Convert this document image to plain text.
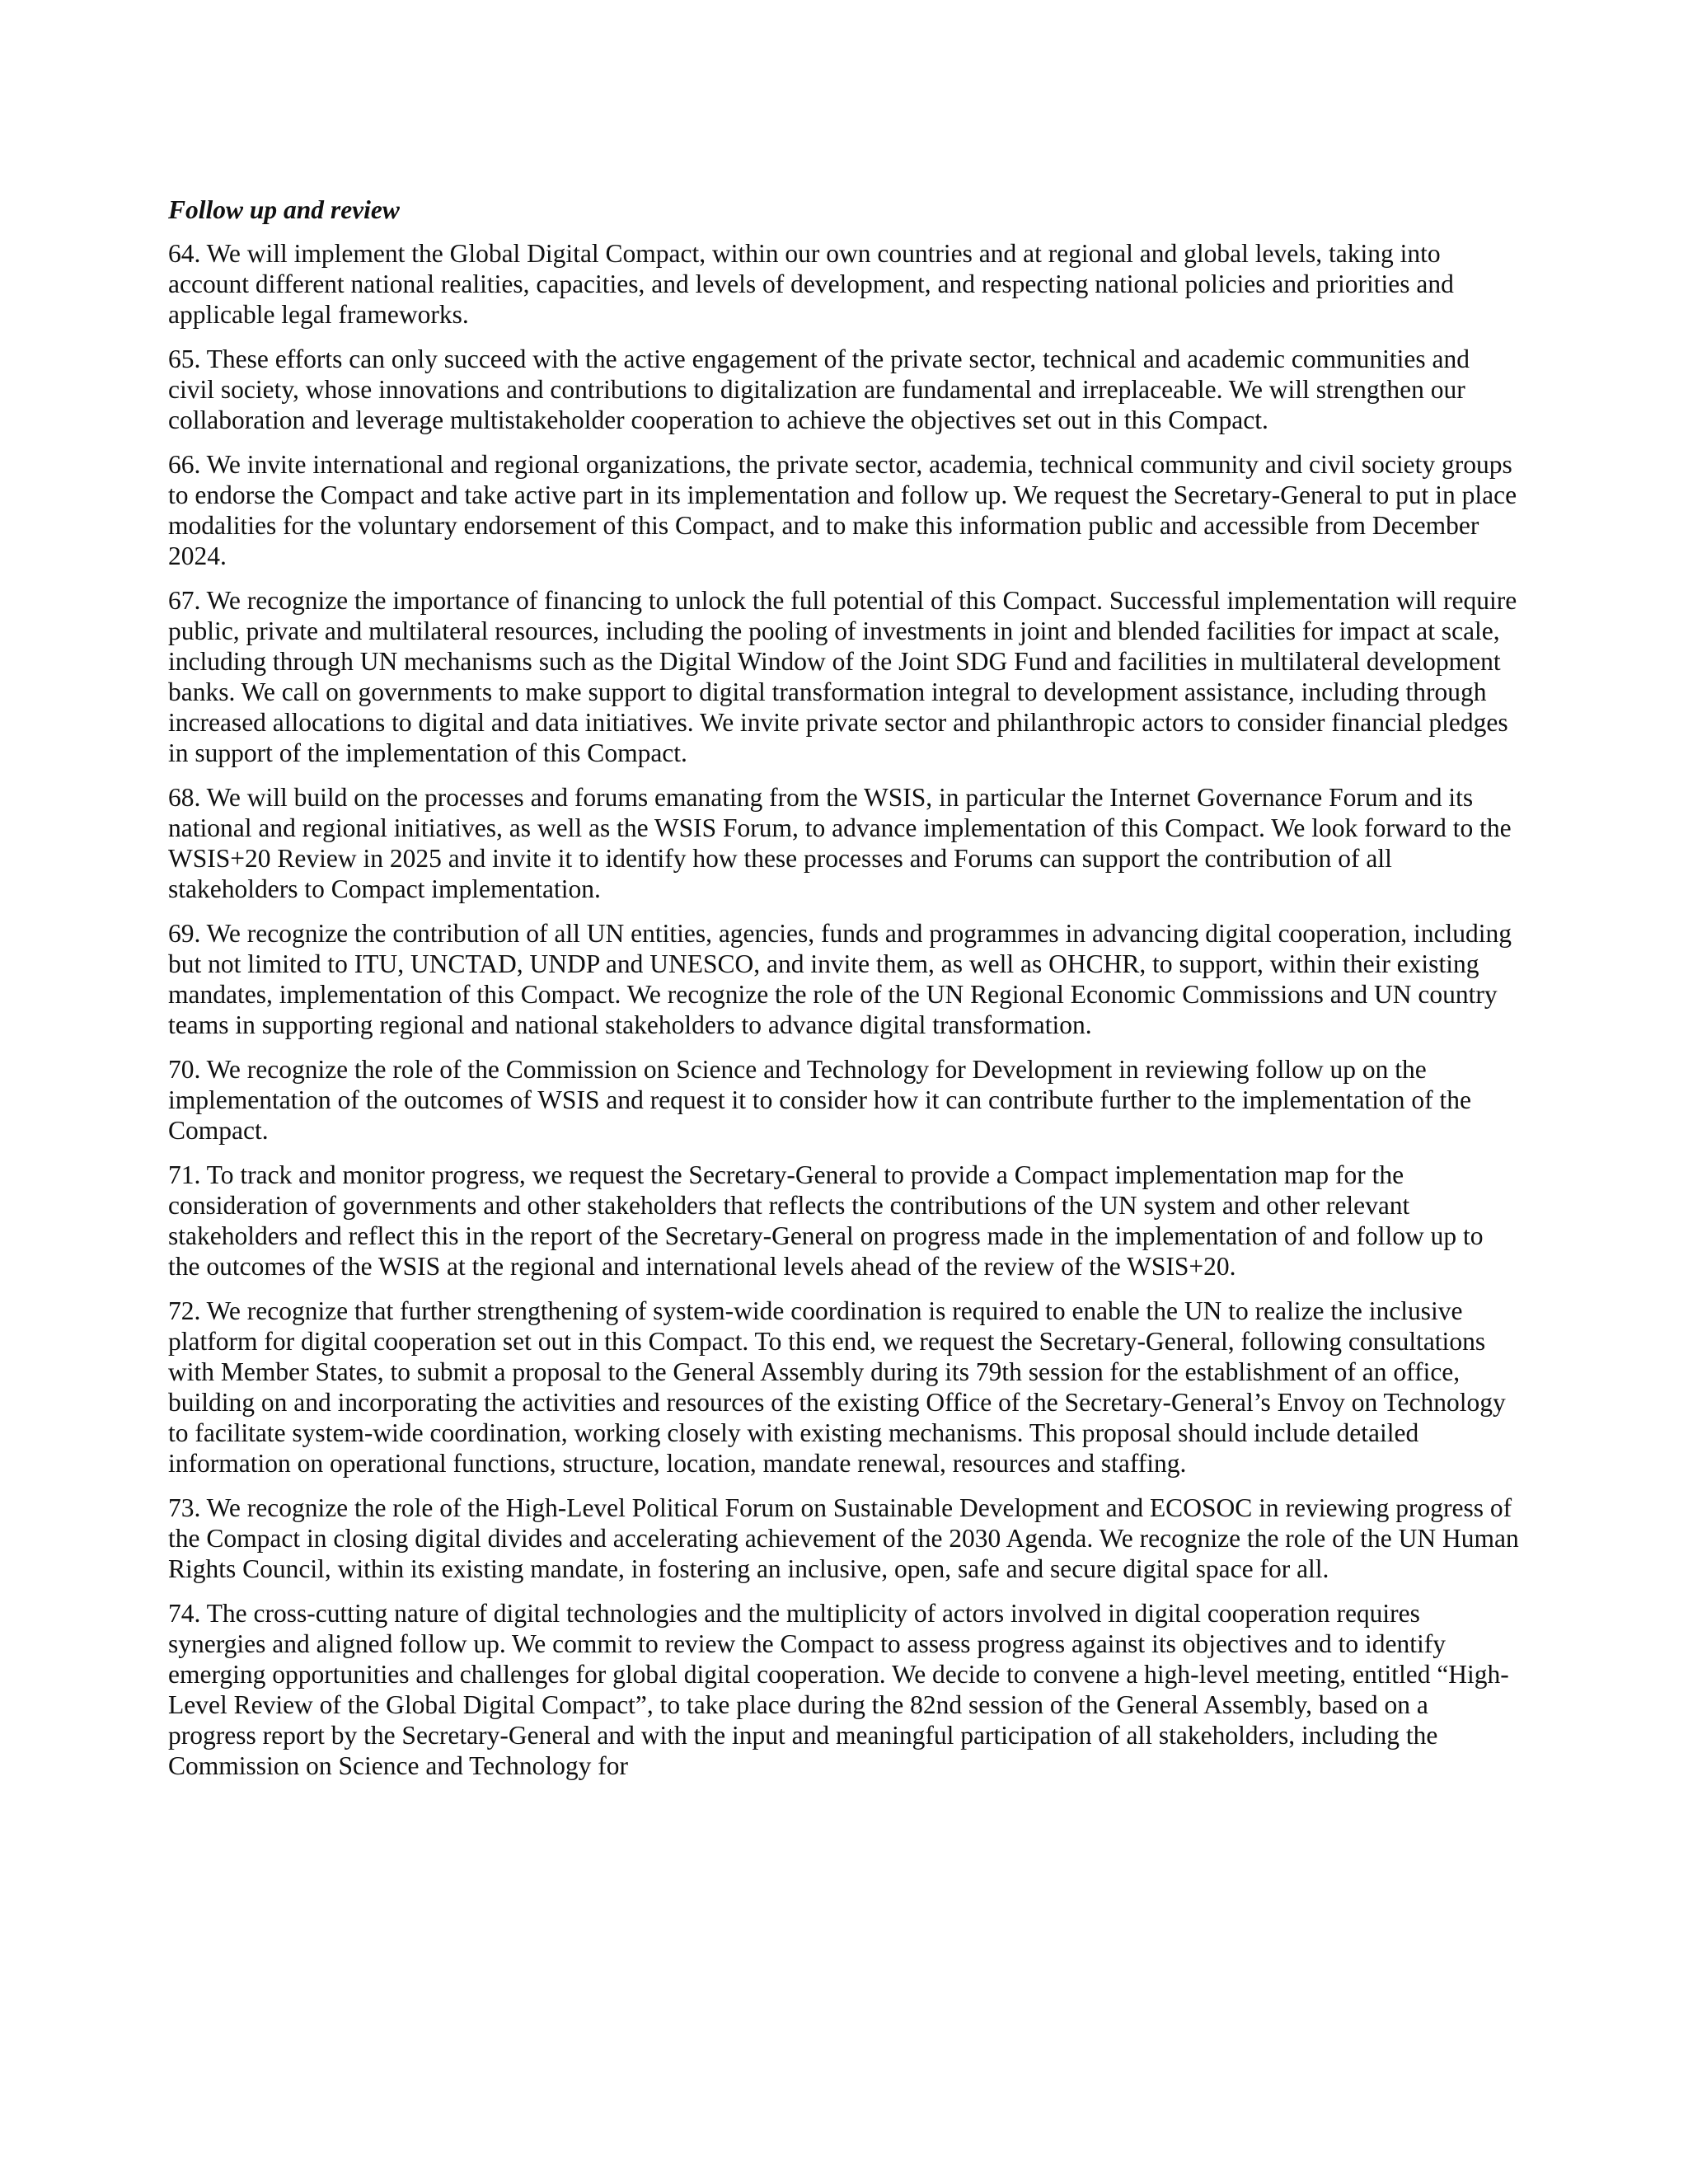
Follow up and review

64. We will implement the Global Digital Compact, within our own countries and at regional and global levels, taking into account different national realities, capacities, and levels of development, and respecting national policies and priorities and applicable legal frameworks.

65. These efforts can only succeed with the active engagement of the private sector, technical and academic communities and civil society, whose innovations and contributions to digitalization are fundamental and irreplaceable. We will strengthen our collaboration and leverage multistakeholder cooperation to achieve the objectives set out in this Compact.

66. We invite international and regional organizations, the private sector, academia, technical community and civil society groups to endorse the Compact and take active part in its implementation and follow up. We request the Secretary-General to put in place modalities for the voluntary endorsement of this Compact, and to make this information public and accessible from December 2024.

67. We recognize the importance of financing to unlock the full potential of this Compact. Successful implementation will require public, private and multilateral resources, including the pooling of investments in joint and blended facilities for impact at scale, including through UN mechanisms such as the Digital Window of the Joint SDG Fund and facilities in multilateral development banks. We call on governments to make support to digital transformation integral to development assistance, including through increased allocations to digital and data initiatives. We invite private sector and philanthropic actors to consider financial pledges in support of the implementation of this Compact.

68. We will build on the processes and forums emanating from the WSIS, in particular the Internet Governance Forum and its national and regional initiatives, as well as the WSIS Forum, to advance implementation of this Compact. We look forward to the WSIS+20 Review in 2025 and invite it to identify how these processes and Forums can support the contribution of all stakeholders to Compact implementation.

69. We recognize the contribution of all UN entities, agencies, funds and programmes in advancing digital cooperation, including but not limited to ITU, UNCTAD, UNDP and UNESCO, and invite them, as well as OHCHR, to support, within their existing mandates, implementation of this Compact. We recognize the role of the UN Regional Economic Commissions and UN country teams in supporting regional and national stakeholders to advance digital transformation.

70. We recognize the role of the Commission on Science and Technology for Development in reviewing follow up on the implementation of the outcomes of WSIS and request it to consider how it can contribute further to the implementation of the Compact.

71. To track and monitor progress, we request the Secretary-General to provide a Compact implementation map for the consideration of governments and other stakeholders that reflects the contributions of the UN system and other relevant stakeholders and reflect this in the report of the Secretary-General on progress made in the implementation of and follow up to the outcomes of the WSIS at the regional and international levels ahead of the review of the WSIS+20.

72. We recognize that further strengthening of system-wide coordination is required to enable the UN to realize the inclusive platform for digital cooperation set out in this Compact. To this end, we request the Secretary-General, following consultations with Member States, to submit a proposal to the General Assembly during its 79th session for the establishment of an office, building on and incorporating the activities and resources of the existing Office of the Secretary-General’s Envoy on Technology to facilitate system-wide coordination, working closely with existing mechanisms. This proposal should include detailed information on operational functions, structure, location, mandate renewal, resources and staffing.

73. We recognize the role of the High-Level Political Forum on Sustainable Development and ECOSOC in reviewing progress of the Compact in closing digital divides and accelerating achievement of the 2030 Agenda. We recognize the role of the UN Human Rights Council, within its existing mandate, in fostering an inclusive, open, safe and secure digital space for all.

74. The cross-cutting nature of digital technologies and the multiplicity of actors involved in digital cooperation requires synergies and aligned follow up. We commit to review the Compact to assess progress against its objectives and to identify emerging opportunities and challenges for global digital cooperation. We decide to convene a high-level meeting, entitled “High-Level Review of the Global Digital Compact”, to take place during the 82nd session of the General Assembly, based on a progress report by the Secretary-General and with the input and meaningful participation of all stakeholders, including the Commission on Science and Technology for
